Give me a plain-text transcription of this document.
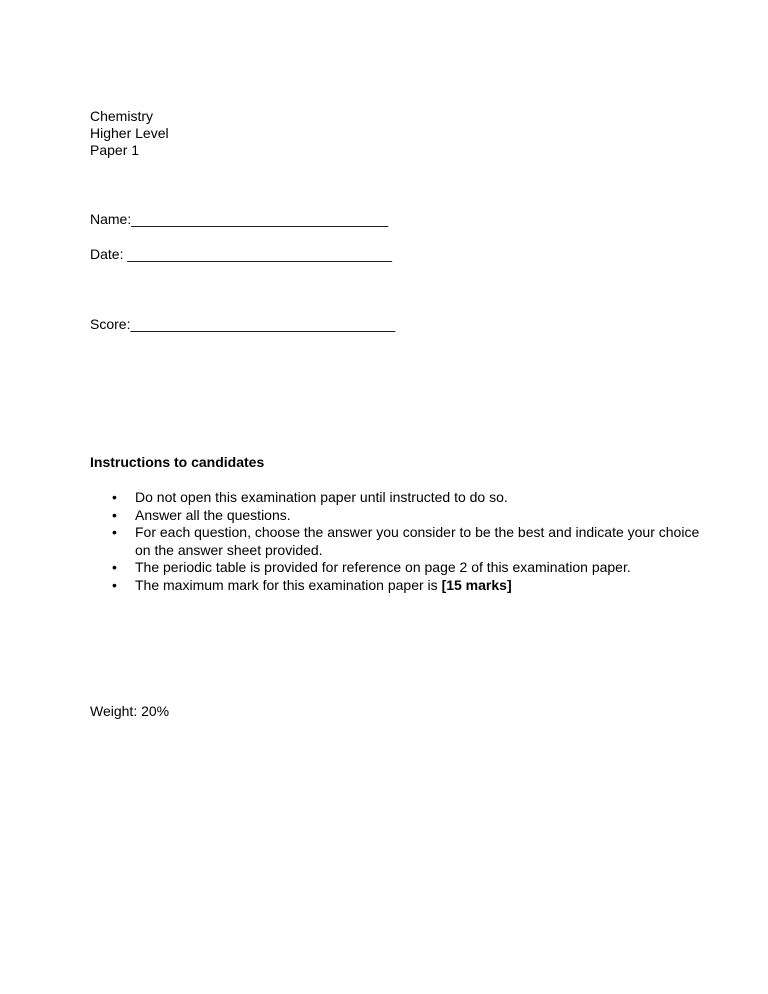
Chemistry
Higher Level
Paper 1
Name:_________________________________
Date: __________________________________
Score:__________________________________
Instructions to candidates
• Do not open this examination paper until instructed to do so.
• Answer all the questions.
• For each question, choose the answer you consider to be the best and indicate your choice on the answer sheet provided.
• The periodic table is provided for reference on page 2 of this examination paper.
• The maximum mark for this examination paper is [15 marks]
Weight: 20%
